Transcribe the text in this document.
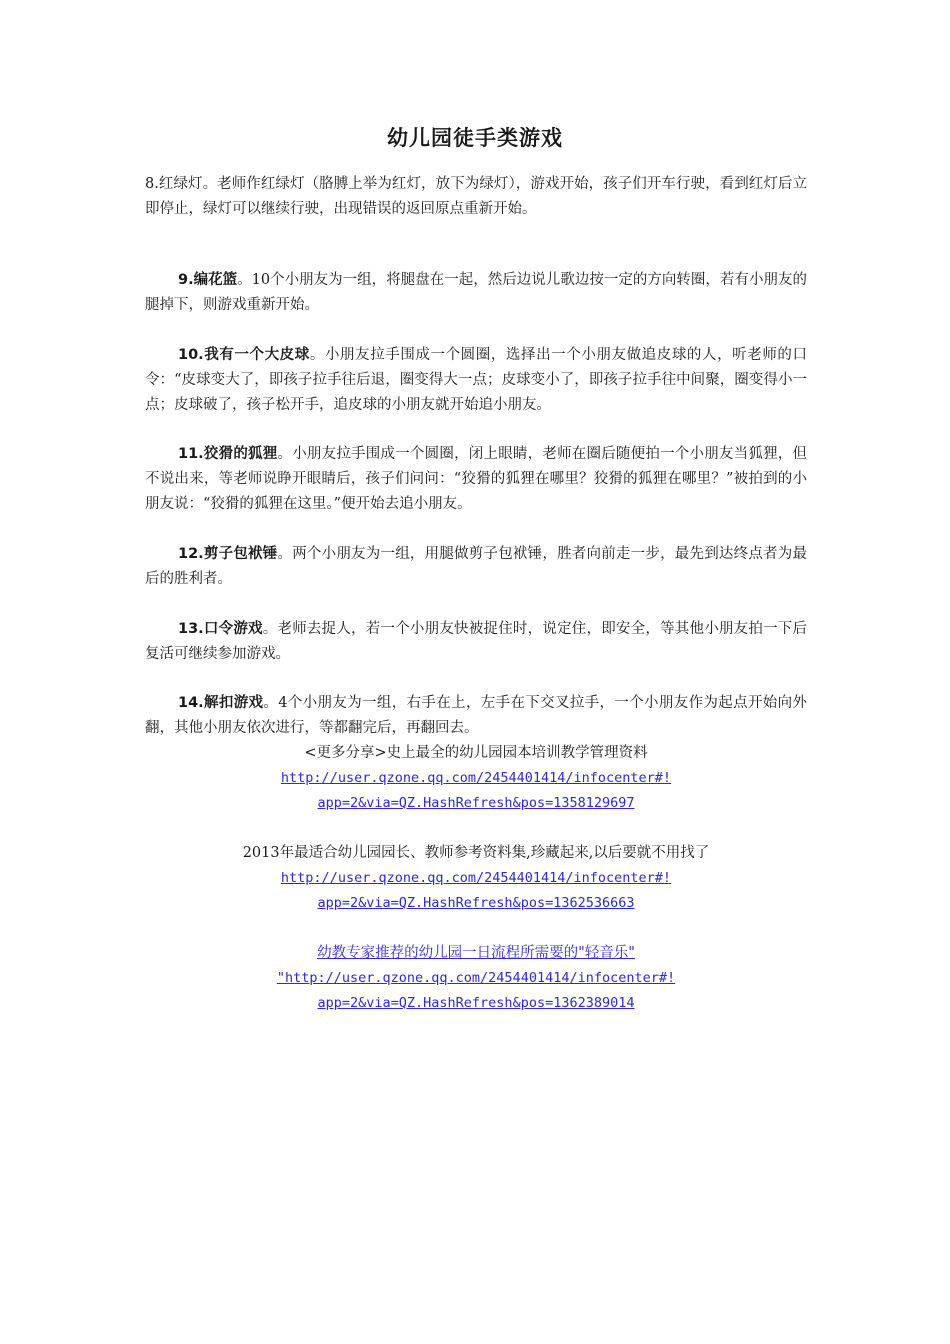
幼儿园徒手类游戏
8.红绿灯。老师作红绿灯（胳膊上举为红灯，放下为绿灯），游戏开始，孩子们开车行驶，看到红灯后立即停止，绿灯可以继续行驶，出现错误的返回原点重新开始。
9.编花篮。10个小朋友为一组，将腿盘在一起，然后边说儿歌边按一定的方向转圈，若有小朋友的腿掉下，则游戏重新开始。
10.我有一个大皮球。小朋友拉手围成一个圆圈，选择出一个小朋友做追皮球的人，听老师的口令：“皮球变大了，即孩子拉手往后退，圈变得大一点；皮球变小了，即孩子拉手往中间聚，圈变得小一点；皮球破了，孩子松开手，追皮球的小朋友就开始追小朋友。
11.狡猾的狐狸。小朋友拉手围成一个圆圈，闭上眼睛，老师在圈后随便拍一个小朋友当狐狸，但不说出来，等老师说睁开眼睛后，孩子们问问：“狡猾的狐狸在哪里？狡猾的狐狸在哪里？”被拍到的小朋友说：“狡猾的狐狸在这里。”便开始去追小朋友。
12.剪子包袱锤。两个小朋友为一组，用腿做剪子包袱锤，胜者向前走一步，最先到达终点者为最后的胜利者。
13.口令游戏。老师去捉人，若一个小朋友快被捉住时，说定住，即安全，等其他小朋友拍一下后复活可继续参加游戏。
14.解扣游戏。4个小朋友为一组，右手在上，左手在下交叉拉手，一个小朋友作为起点开始向外翻，其他小朋友依次进行，等都翻完后，再翻回去。
<更多分享>史上最全的幼儿园园本培训教学管理资料
http://user.qzone.qq.com/2454401414/infocenter#!
app=2&via=QZ.HashRefresh&pos=1358129697
2013年最适合幼儿园园长、教师参考资料集,珍藏起来,以后要就不用找了
http://user.qzone.qq.com/2454401414/infocenter#!
app=2&via=QZ.HashRefresh&pos=1362536663
幼教专家推荐的幼儿园一日流程所需要的"轻音乐"
"http://user.qzone.qq.com/2454401414/infocenter#!
app=2&via=QZ.HashRefresh&pos=1362389014
